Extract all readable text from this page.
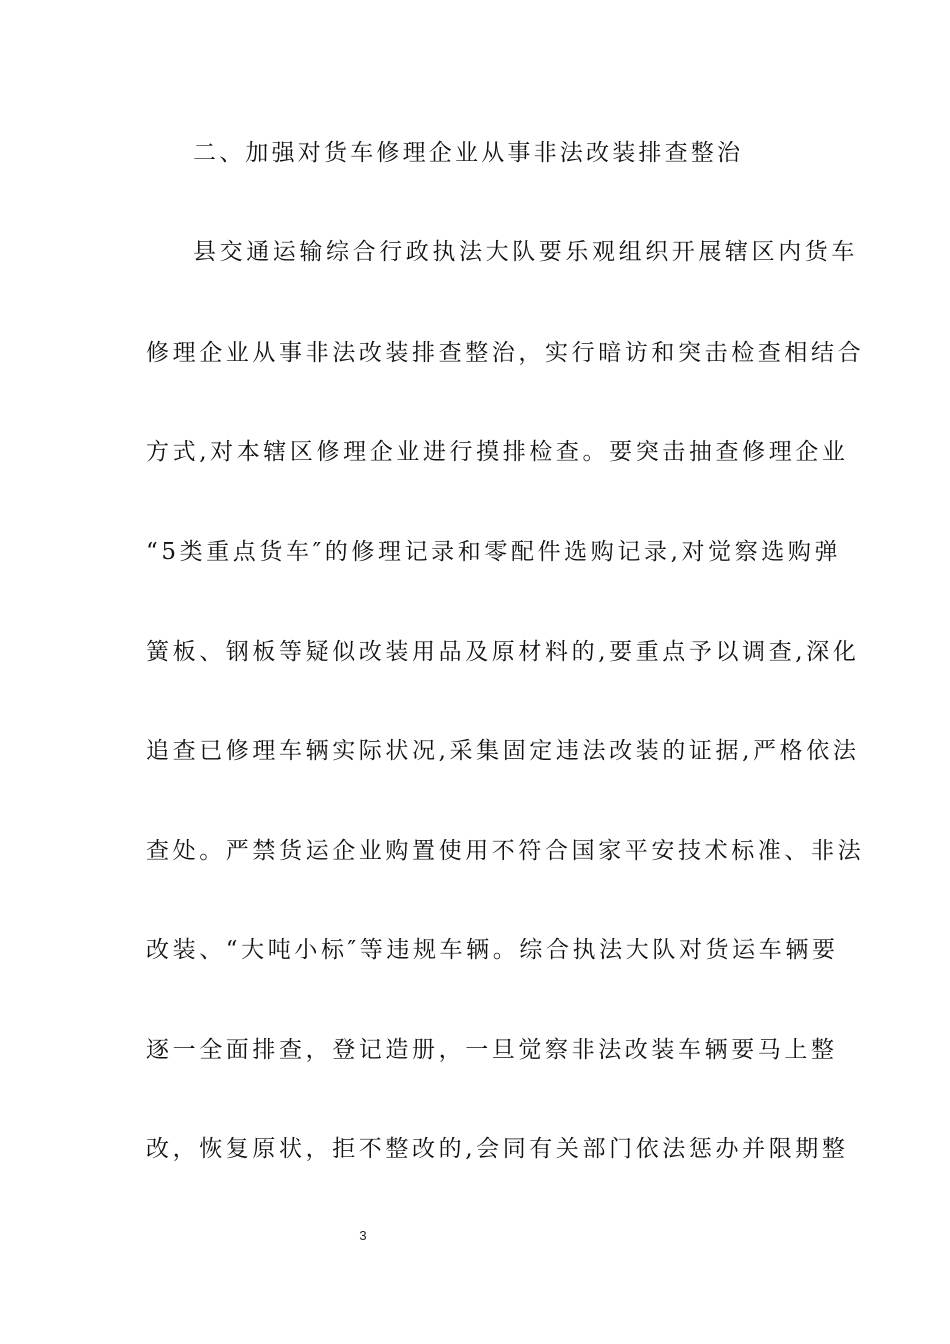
二、加强对货车修理企业从事非法改装排查整治
县交通运输综合行政执法大队要乐观组织开展辖区内货车
修理企业从事非法改装排查整治，实行暗访和突击检查相结合
方式,对本辖区修理企业进行摸排检查。要突击抽查修理企业
“5类重点货车″的修理记录和零配件选购记录,对觉察选购弹
簧板、钢板等疑似改装用品及原材料的,要重点予以调查,深化
追查已修理车辆实际状况,采集固定违法改装的证据,严格依法
查处。严禁货运企业购置使用不符合国家平安技术标准、非法
改装、“大吨小标″等违规车辆。综合执法大队对货运车辆要
逐一全面排查，登记造册，一旦觉察非法改装车辆要马上整
改，恢复原状，拒不整改的,会同有关部门依法惩办并限期整
3
